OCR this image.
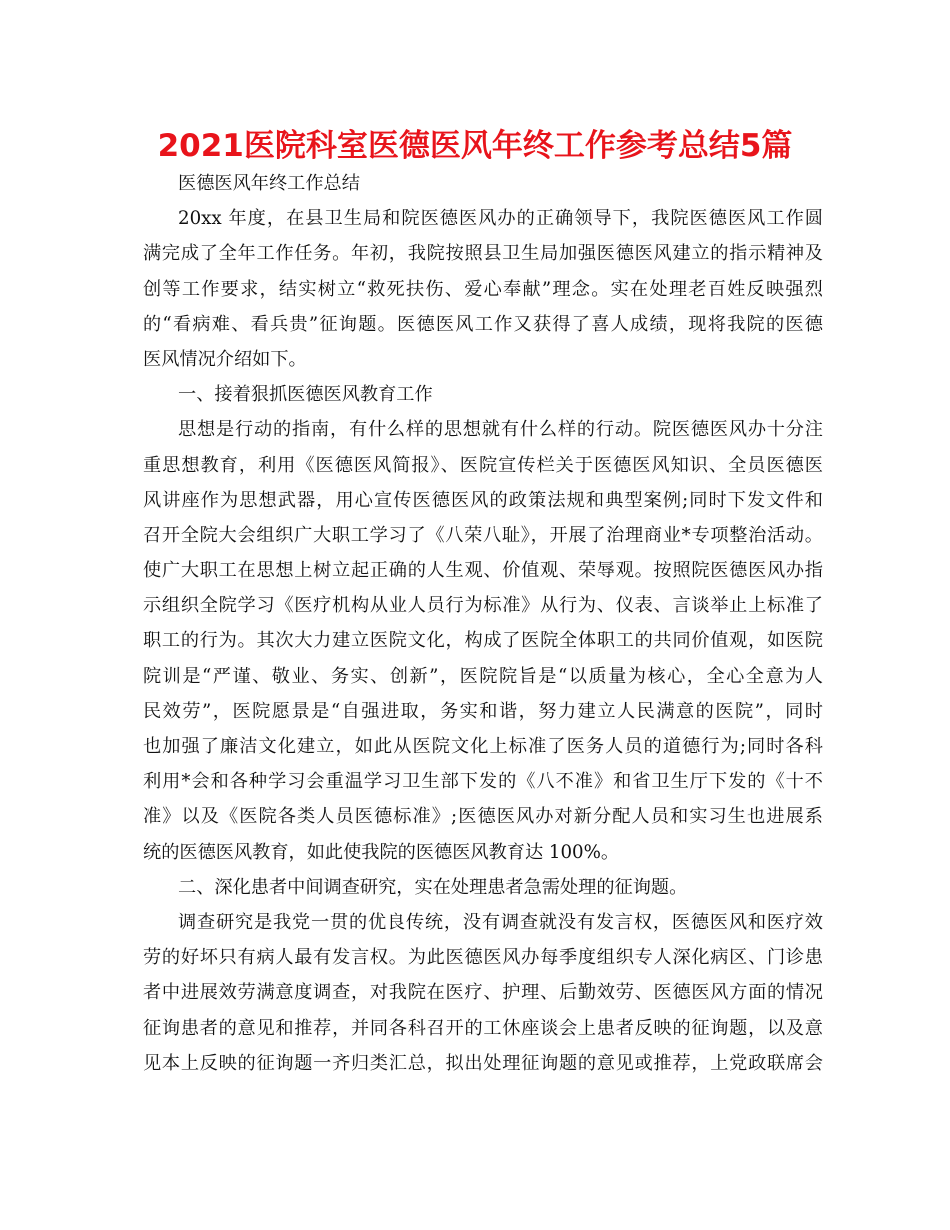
2021医院科室医德医风年终工作参考总结5篇
医德医风年终工作总结
20xx 年度，在县卫生局和院医德医风办的正确领导下，我院医德医风工作圆
满完成了全年工作任务。年初，我院按照县卫生局加强医德医风建立的指示精神及
创等工作要求，结实树立“救死扶伤、爱心奉献”理念。实在处理老百姓反映强烈
的“看病难、看兵贵”征询题。医德医风工作又获得了喜人成绩，现将我院的医德
医风情况介绍如下。
一、接着狠抓医德医风教育工作
思想是行动的指南，有什么样的思想就有什么样的行动。院医德医风办十分注
重思想教育，利用《医德医风简报》、医院宣传栏关于医德医风知识、全员医德医
风讲座作为思想武器，用心宣传医德医风的政策法规和典型案例;同时下发文件和
召开全院大会组织广大职工学习了《八荣八耻》，开展了治理商业*专项整治活动。
使广大职工在思想上树立起正确的人生观、价值观、荣辱观。按照院医德医风办指
示组织全院学习《医疗机构从业人员行为标准》从行为、仪表、言谈举止上标准了
职工的行为。其次大力建立医院文化，构成了医院全体职工的共同价值观，如医院
院训是“严谨、敬业、务实、创新”，医院院旨是“以质量为核心，全心全意为人
民效劳”，医院愿景是“自强进取，务实和谐，努力建立人民满意的医院”，同时
也加强了廉洁文化建立，如此从医院文化上标准了医务人员的道德行为;同时各科
利用*会和各种学习会重温学习卫生部下发的《八不准》和省卫生厅下发的《十不
准》以及《医院各类人员医德标准》;医德医风办对新分配人员和实习生也进展系
统的医德医风教育，如此使我院的医德医风教育达 100%。
二、深化患者中间调查研究，实在处理患者急需处理的征询题。
调查研究是我党一贯的优良传统，没有调查就没有发言权，医德医风和医疗效
劳的好坏只有病人最有发言权。为此医德医风办每季度组织专人深化病区、门诊患
者中进展效劳满意度调查，对我院在医疗、护理、后勤效劳、医德医风方面的情况
征询患者的意见和推荐，并同各科召开的工休座谈会上患者反映的征询题，以及意
见本上反映的征询题一齐归类汇总，拟出处理征询题的意见或推荐，上党政联席会
